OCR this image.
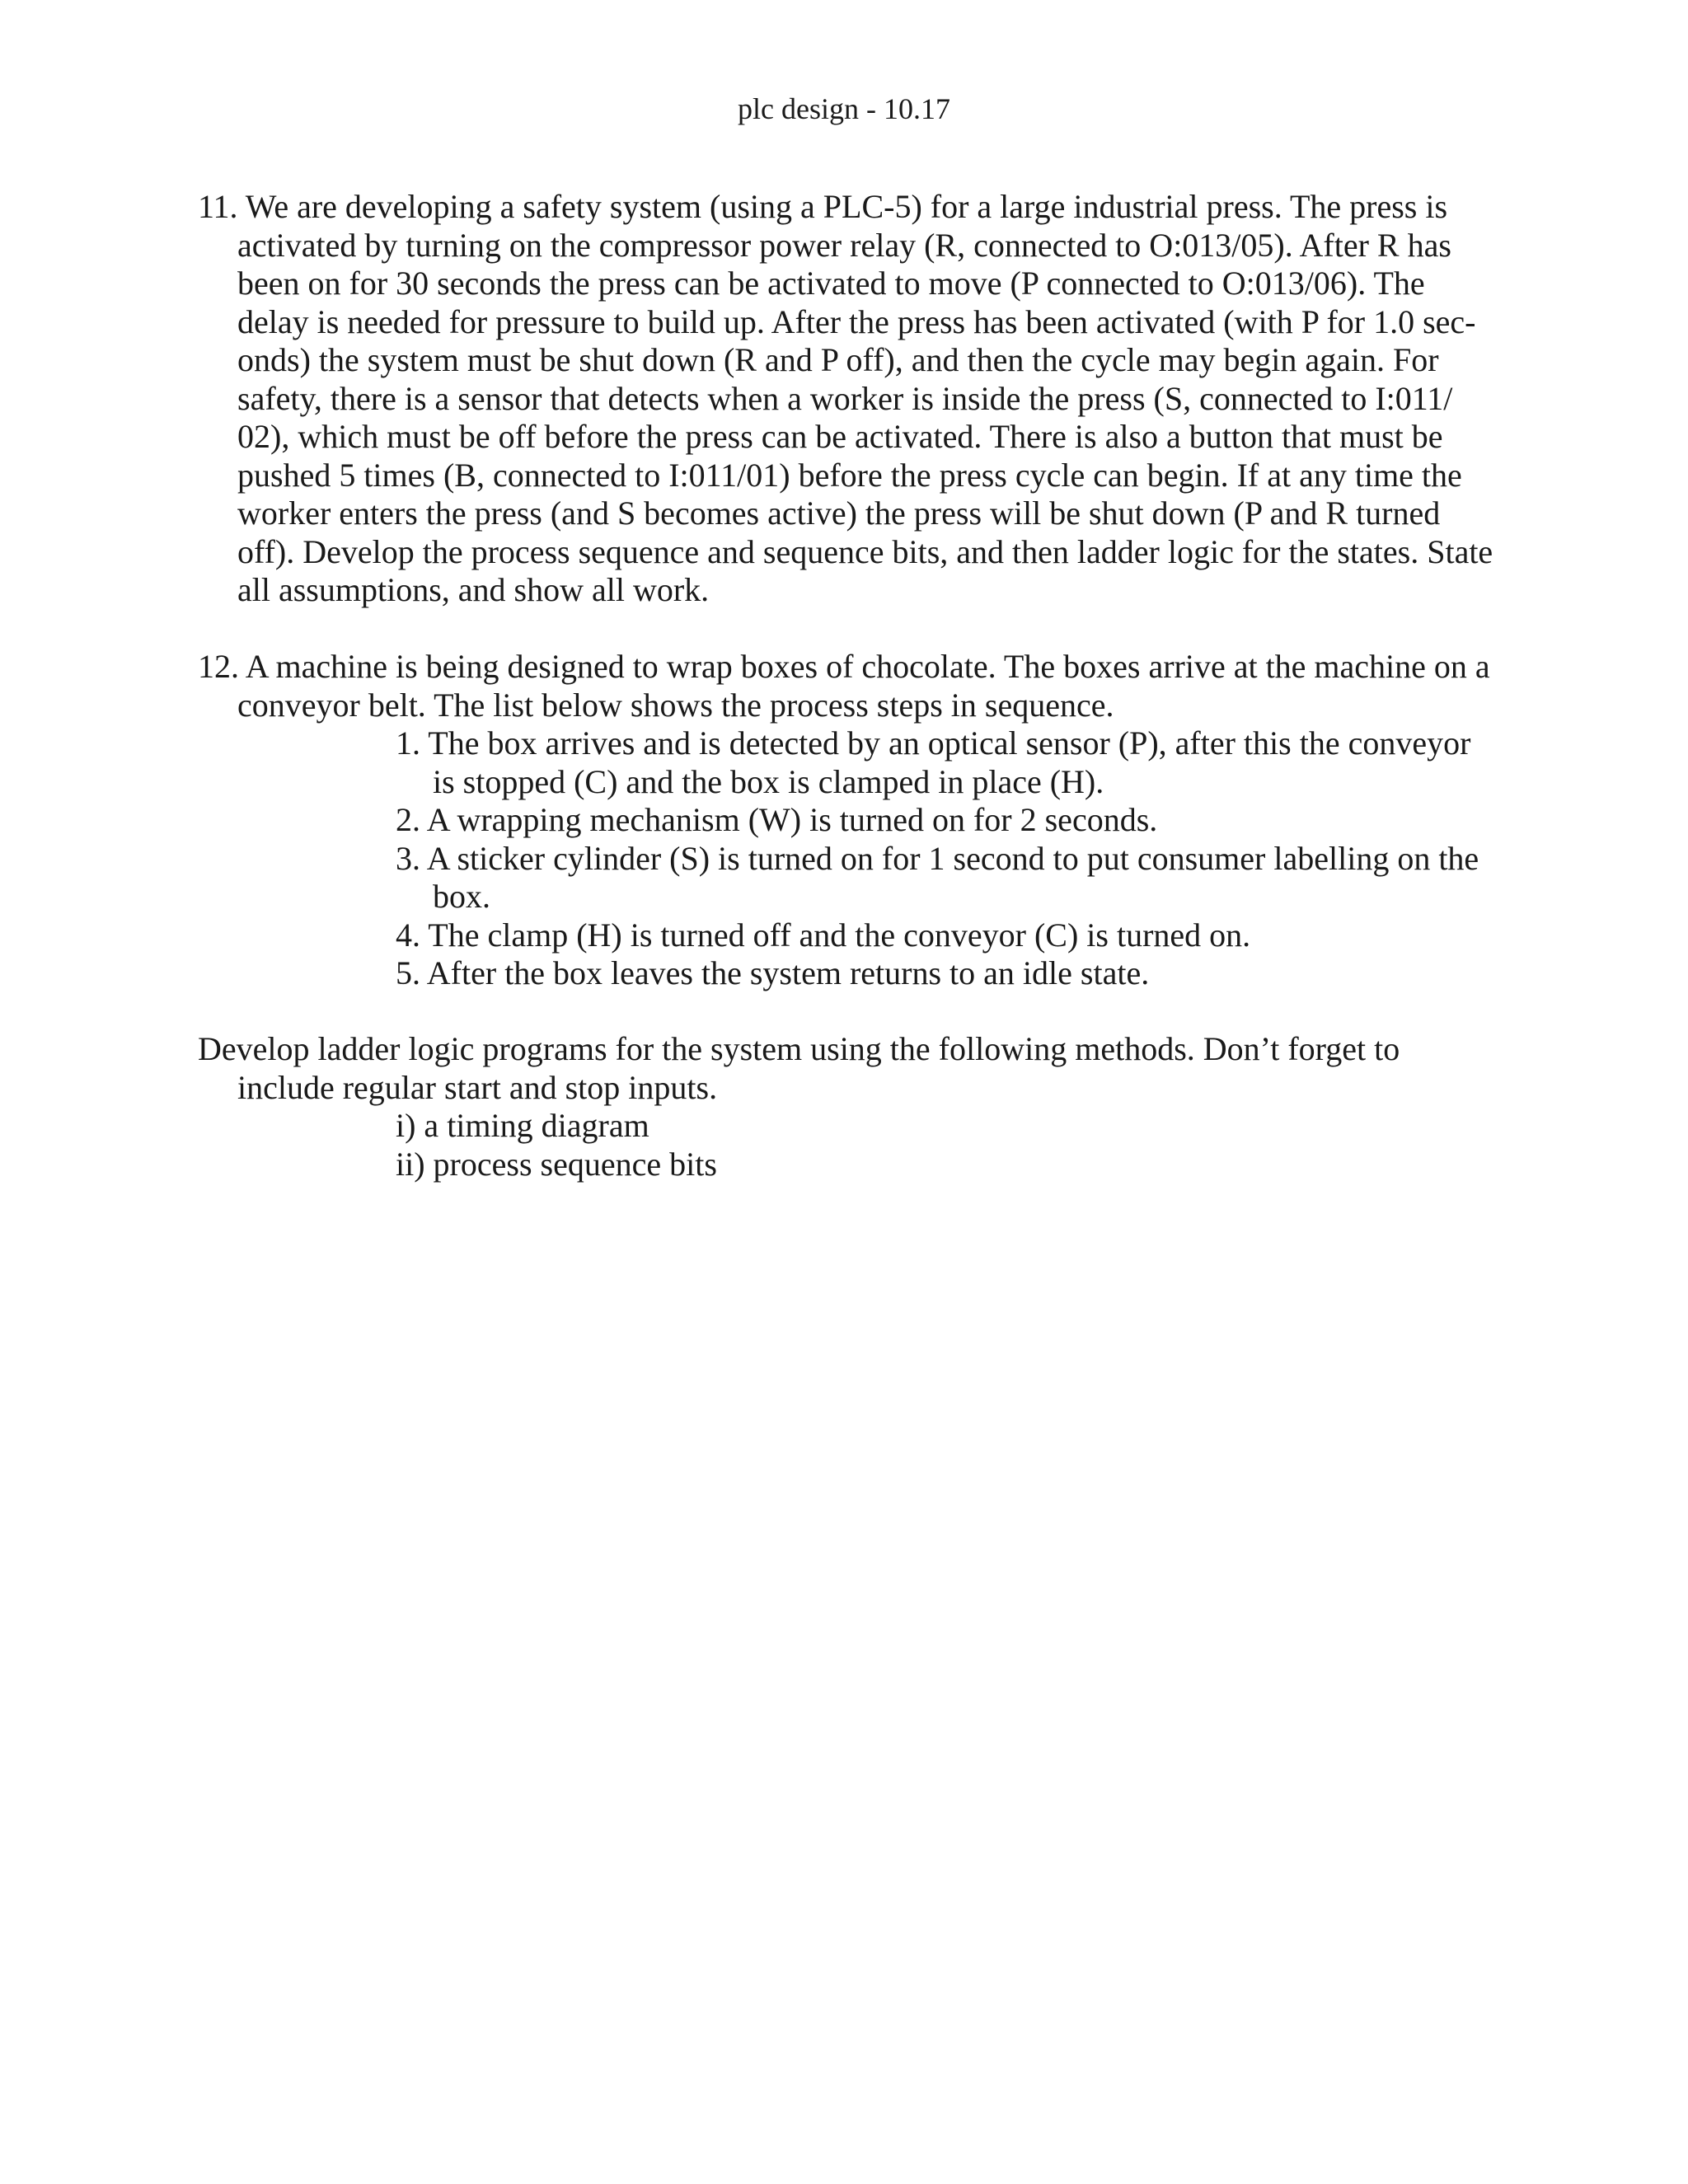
plc design - 10.17
11. We are developing a safety system (using a PLC-5) for a large industrial press. The press is
activated by turning on the compressor power relay (R, connected to O:013/05). After R has
been on for 30 seconds the press can be activated to move (P connected to O:013/06). The
delay is needed for pressure to build up. After the press has been activated (with P for 1.0 sec-
onds) the system must be shut down (R and P off), and then the cycle may begin again. For
safety, there is a sensor that detects when a worker is inside the press (S, connected to I:011/
02), which must be off before the press can be activated. There is also a button that must be
pushed 5 times (B, connected to I:011/01) before the press cycle can begin. If at any time the
worker enters the press (and S becomes active) the press will be shut down (P and R turned
off). Develop the process sequence and sequence bits, and then ladder logic for the states. State
all assumptions, and show all work.
12. A machine is being designed to wrap boxes of chocolate. The boxes arrive at the machine on a
conveyor belt. The list below shows the process steps in sequence.
1. The box arrives and is detected by an optical sensor (P), after this the conveyor
is stopped (C) and the box is clamped in place (H).
2. A wrapping mechanism (W) is turned on for 2 seconds.
3. A sticker cylinder (S) is turned on for 1 second to put consumer labelling on the
box.
4. The clamp (H) is turned off and the conveyor (C) is turned on.
5. After the box leaves the system returns to an idle state.
Develop ladder logic programs for the system using the following methods. Don’t forget to
include regular start and stop inputs.
i) a timing diagram
ii) process sequence bits
